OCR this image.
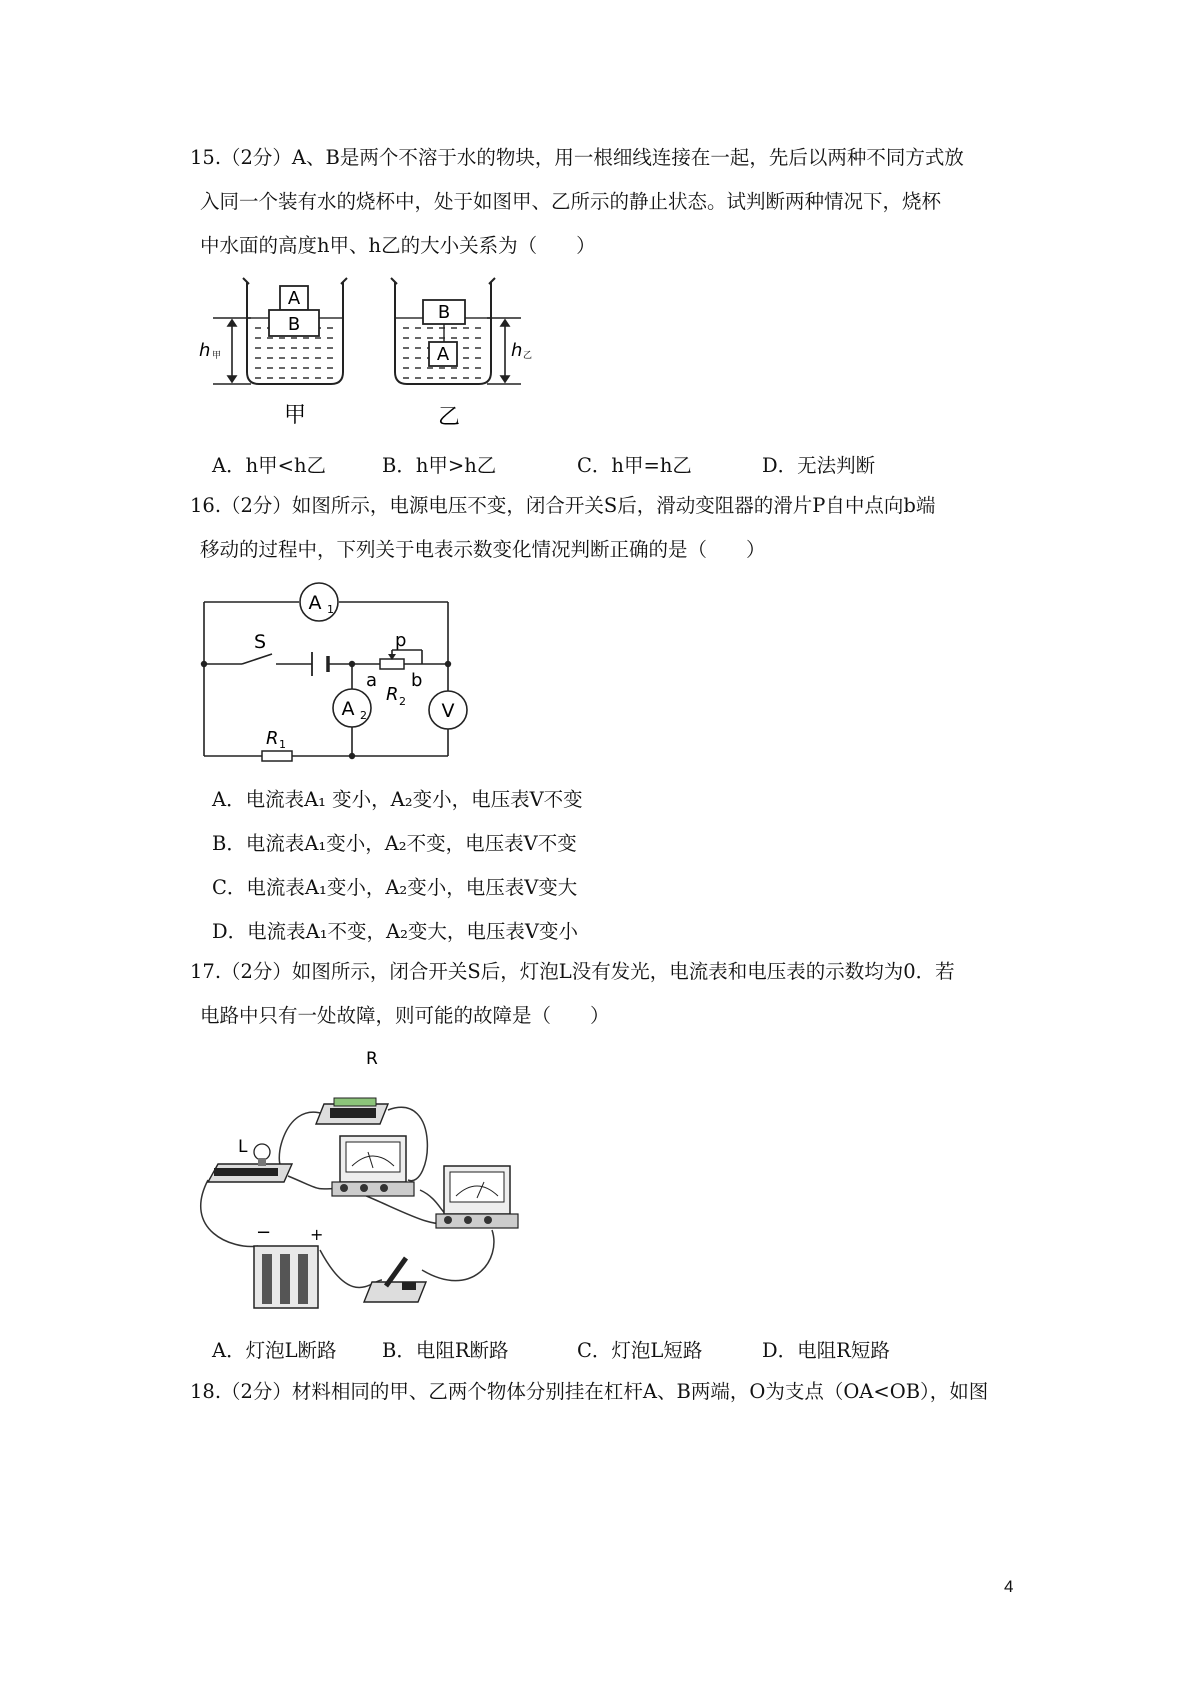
15.（2分）A、B是两个不溶于水的物块，用一根细线连接在一起，先后以两种不同方式放
入同一个装有水的烧杯中，处于如图甲、乙所示的静止状态。试判断两种情况下，烧杯
中水面的高度h甲、h乙的大小关系为（　　）
A
B
h 甲
甲
B
A	h 乙
乙
A．h甲<h乙	B．h甲>h乙	C．h甲=h乙	D．无法判断
16.（2分）如图所示，电源电压不变，闭合开关S后，滑动变阻器的滑片P自中点向b端
移动的过程中，下列关于电表示数变化情况判断正确的是（　　）
A 1
A 2	V
S	p
a b
R 2
R 1
A．电流表A₁ 变小，A₂变小，电压表V不变
B．电流表A₁变小，A₂不变，电压表V不变
C．电流表A₁变小，A₂变小，电压表V变大
D．电流表A₁不变，A₂变大，电压表V变小
17.（2分）如图所示，闭合开关S后，灯泡L没有发光，电流表和电压表的示数均为0．若
电路中只有一处故障，则可能的故障是（　　）
R
L
− +
A．灯泡L断路 B．电阻R断路	C．灯泡L短路	D．电阻R短路
18.（2分）材料相同的甲、乙两个物体分别挂在杠杆A、B两端，O为支点（OA<OB），如图
4
